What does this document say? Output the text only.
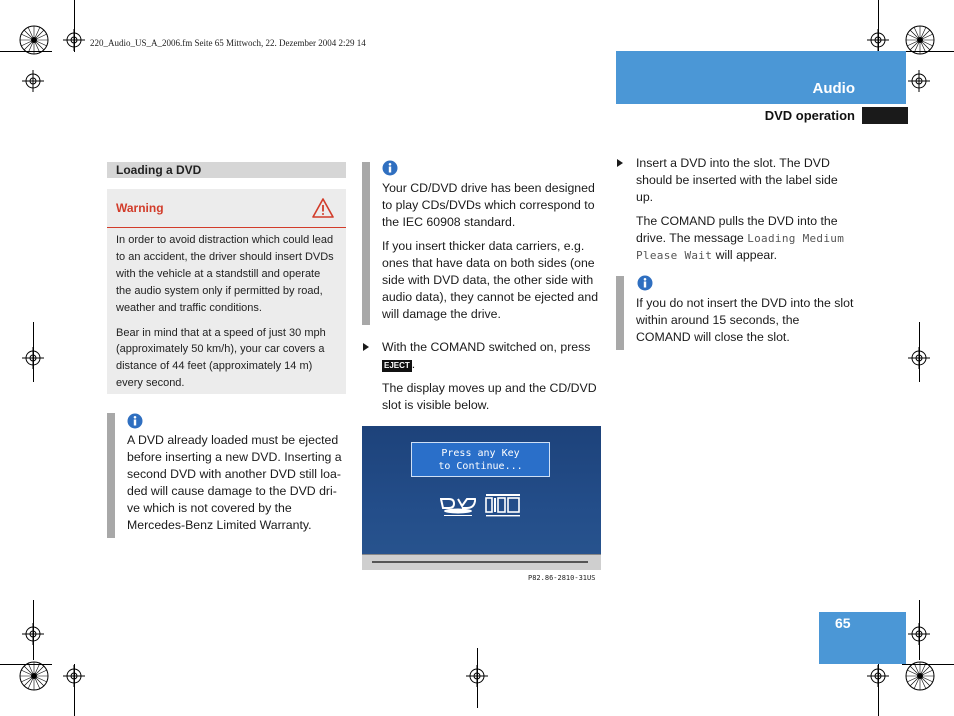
220_Audio_US_A_2006.fm Seite 65 Mittwoch, 22. Dezember 2004 2:29 14
Audio
DVD operation
Loading a DVD
Warning

In order to avoid distraction which could lead to an accident, the driver should insert DVDs with the vehicle at a standstill and operate the audio system only if permitted by road, weather and traffic conditions.

Bear in mind that at a speed of just 30 mph (approximately 50 km/h), your car covers a distance of 44 feet (approximately 14 m) every second.

A DVD already loaded must be ejected before inserting a new DVD. Inserting a second DVD with another DVD still loa-ded will cause damage to the DVD dri-ve which is not covered by the Mercedes-Benz Limited Warranty.

Your CD/DVD drive has been designed to play CDs/DVDs which correspond to the IEC 60908 standard.

If you insert thicker data carriers, e.g. ones that have data on both sides (one side with DVD data, the other side with audio data), they cannot be ejected and will damage the drive.

With the COMAND switched on, press EJECT .
The display moves up and the CD/DVD slot is visible below.
Press any Key
to Continue...
P82.86-2810-31US
Insert a DVD into the slot. The DVD should be inserted with the label side up.
The COMAND pulls the DVD into the drive. The message Loading Medium Please Wait will appear.
If you do not insert the DVD into the slot within around 15 seconds, the COMAND will close the slot.
65
